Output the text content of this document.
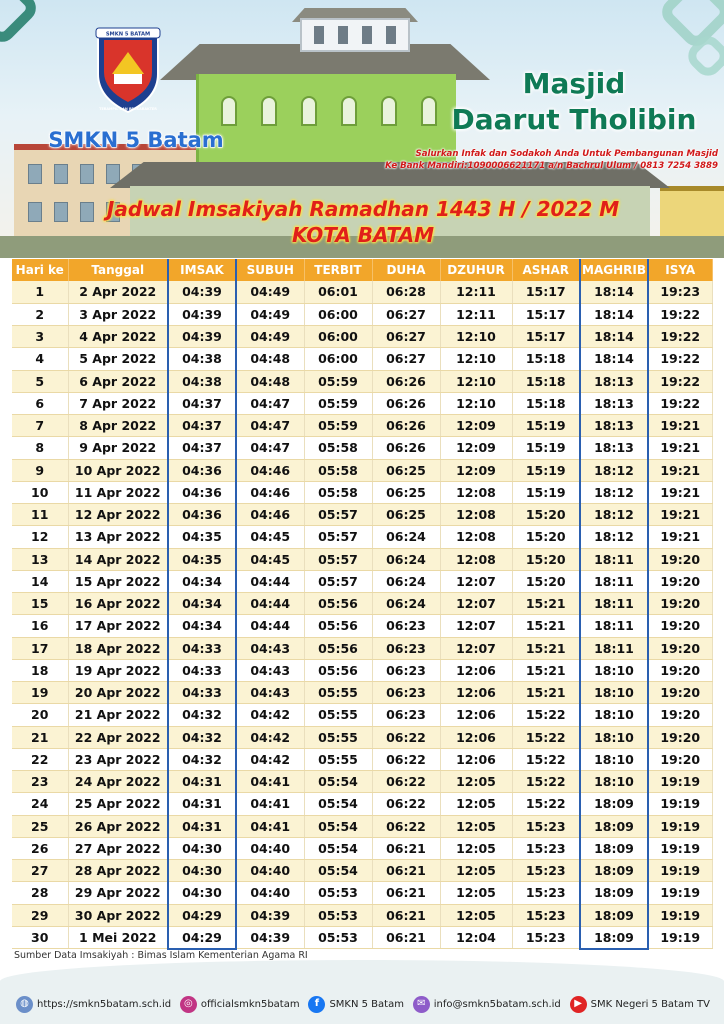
SMKN 5 BATAM
TERAMPIL DAN BERKARAKTER
SMKN 5 Batam
Masjid
Daarut Tholibin
Salurkan Infak dan Sodakoh Anda Untuk Pembangunan Masjid
Ke Bank Mandiri:1090006621171 a/n Bachrul Ulum / 0813 7254 3889
Jadwal Imsakiyah Ramadhan 1443 H / 2022 M
KOTA BATAM
Hari ke	Tanggal	IMSAK	SUBUH	TERBIT	DUHA	DZUHUR	ASHAR	MAGHRIB	ISYA
1	2 Apr 2022	04:39	04:49	06:01	06:28	12:11	15:17	18:14	19:23
2	3 Apr 2022	04:39	04:49	06:00	06:27	12:11	15:17	18:14	19:22
3	4 Apr 2022	04:39	04:49	06:00	06:27	12:10	15:17	18:14	19:22
4	5 Apr 2022	04:38	04:48	06:00	06:27	12:10	15:18	18:14	19:22
5	6 Apr 2022	04:38	04:48	05:59	06:26	12:10	15:18	18:13	19:22
6	7 Apr 2022	04:37	04:47	05:59	06:26	12:10	15:18	18:13	19:22
7	8 Apr 2022	04:37	04:47	05:59	06:26	12:09	15:19	18:13	19:21
8	9 Apr 2022	04:37	04:47	05:58	06:26	12:09	15:19	18:13	19:21
9	10 Apr 2022	04:36	04:46	05:58	06:25	12:09	15:19	18:12	19:21
10	11 Apr 2022	04:36	04:46	05:58	06:25	12:08	15:19	18:12	19:21
11	12 Apr 2022	04:36	04:46	05:57	06:25	12:08	15:20	18:12	19:21
12	13 Apr 2022	04:35	04:45	05:57	06:24	12:08	15:20	18:12	19:21
13	14 Apr 2022	04:35	04:45	05:57	06:24	12:08	15:20	18:11	19:20
14	15 Apr 2022	04:34	04:44	05:57	06:24	12:07	15:20	18:11	19:20
15	16 Apr 2022	04:34	04:44	05:56	06:24	12:07	15:21	18:11	19:20
16	17 Apr 2022	04:34	04:44	05:56	06:23	12:07	15:21	18:11	19:20
17	18 Apr 2022	04:33	04:43	05:56	06:23	12:07	15:21	18:11	19:20
18	19 Apr 2022	04:33	04:43	05:56	06:23	12:06	15:21	18:10	19:20
19	20 Apr 2022	04:33	04:43	05:55	06:23	12:06	15:21	18:10	19:20
20	21 Apr 2022	04:32	04:42	05:55	06:23	12:06	15:22	18:10	19:20
21	22 Apr 2022	04:32	04:42	05:55	06:22	12:06	15:22	18:10	19:20
22	23 Apr 2022	04:32	04:42	05:55	06:22	12:06	15:22	18:10	19:20
23	24 Apr 2022	04:31	04:41	05:54	06:22	12:05	15:22	18:10	19:19
24	25 Apr 2022	04:31	04:41	05:54	06:22	12:05	15:22	18:09	19:19
25	26 Apr 2022	04:31	04:41	05:54	06:22	12:05	15:23	18:09	19:19
26	27 Apr 2022	04:30	04:40	05:54	06:21	12:05	15:23	18:09	19:19
27	28 Apr 2022	04:30	04:40	05:54	06:21	12:05	15:23	18:09	19:19
28	29 Apr 2022	04:30	04:40	05:53	06:21	12:05	15:23	18:09	19:19
29	30 Apr 2022	04:29	04:39	05:53	06:21	12:05	15:23	18:09	19:19
30	1 Mei 2022	04:29	04:39	05:53	06:21	12:04	15:23	18:09	19:19
Sumber Data Imsakiyah : Bimas Islam Kementerian Agama RI
◍ https://smkn5batam.sch.id	◎ officialsmkn5batam	f	SMKN 5 Batam	✉ info@smkn5batam.sch.id	▶ SMK Negeri 5 Batam TV
